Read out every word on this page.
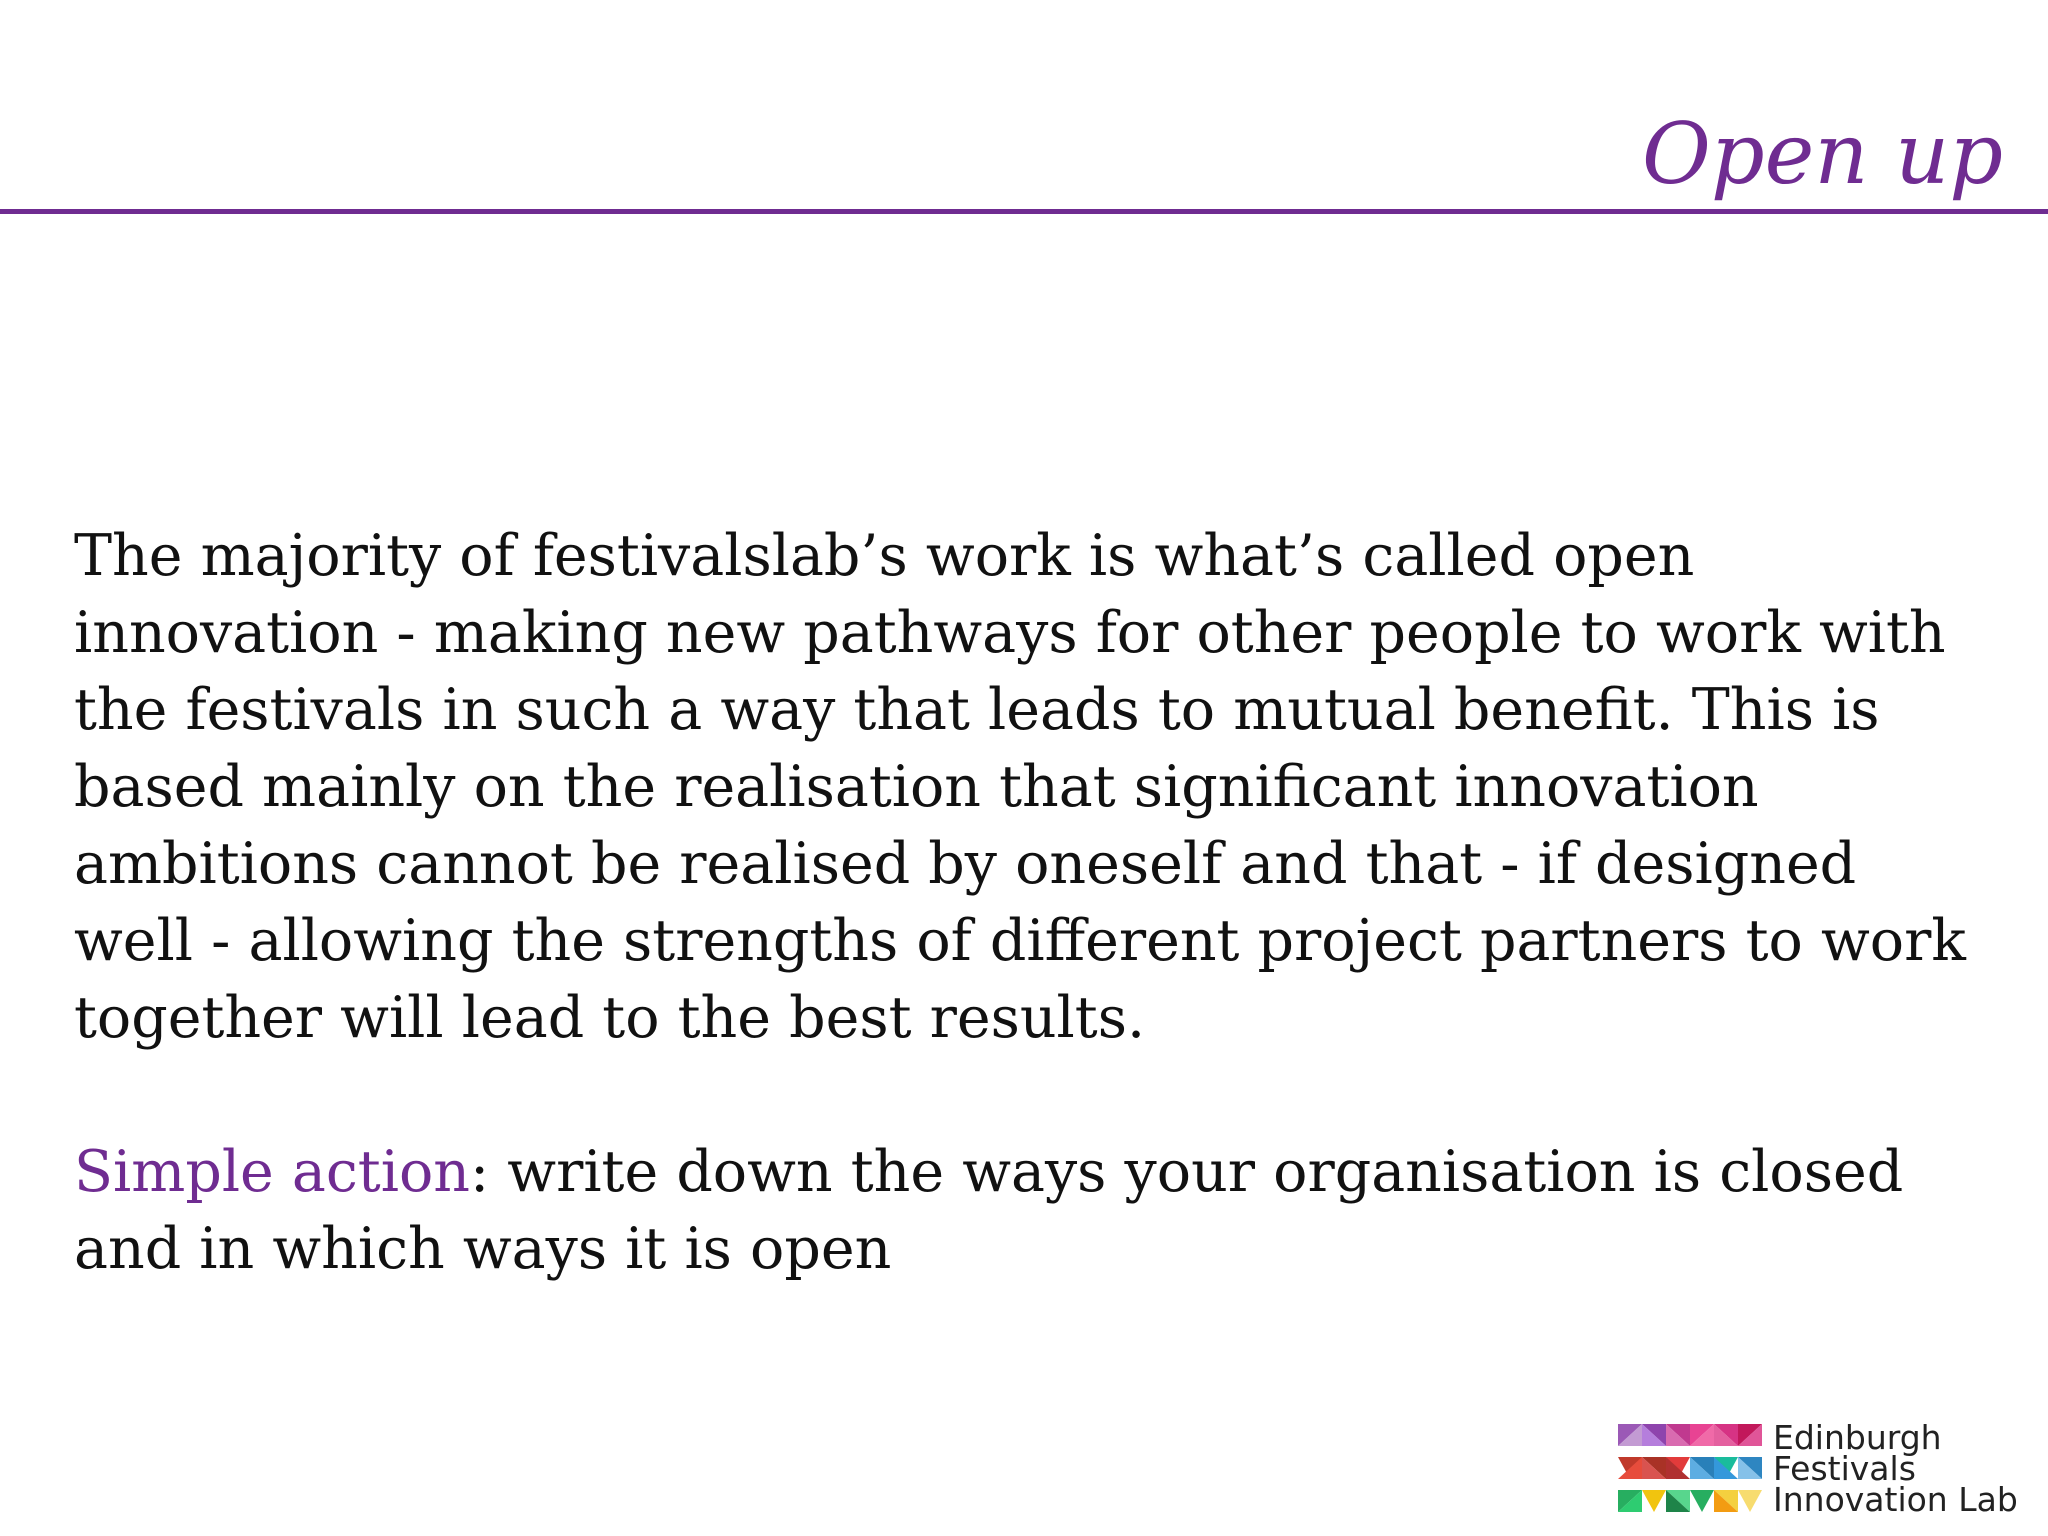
Open up

The majority of festivalslab’s work is what’s called open innovation - making new pathways for other people to work with the festivals in such a way that leads to mutual benefit. This is based mainly on the realisation that significant innovation ambitions cannot be realised by oneself and that - if designed well - allowing the strengths of different project partners to work together will lead to the best results.

Simple action: write down the ways your organisation is closed and in which ways it is open

Edinburgh
Festivals
Innovation Lab
